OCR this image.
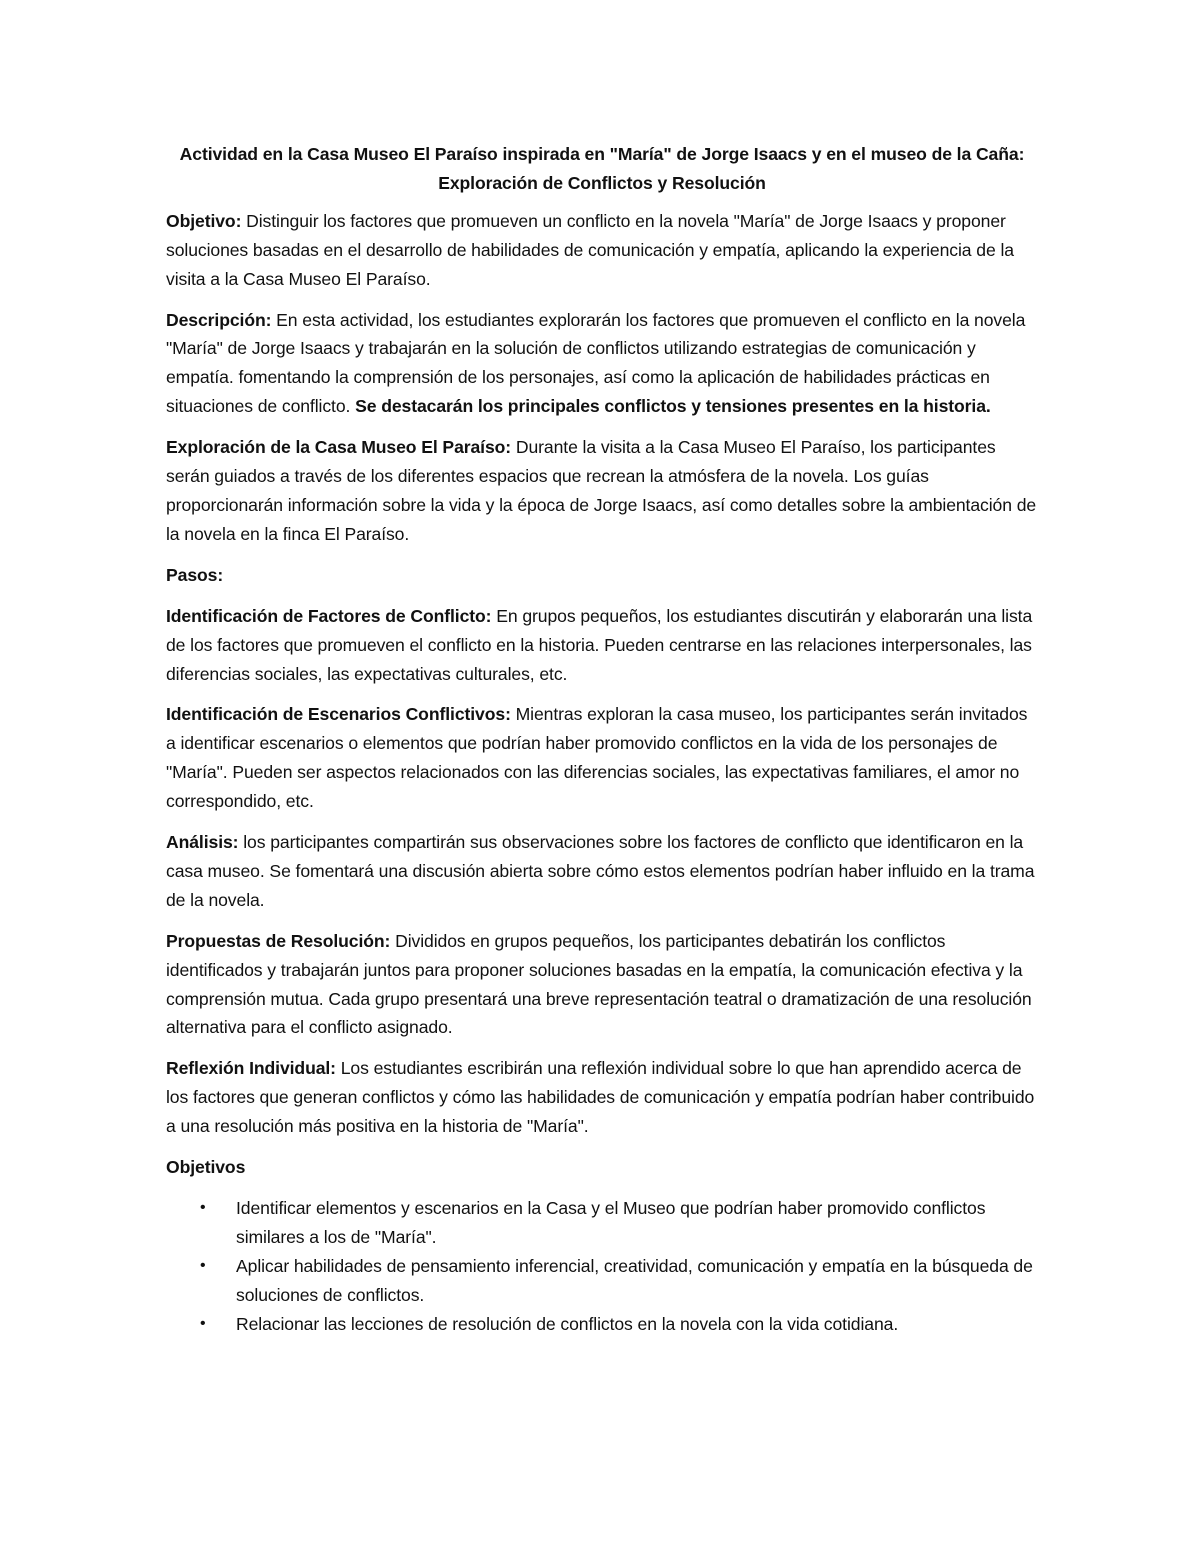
Actividad en la Casa Museo El Paraíso inspirada en "María" de Jorge Isaacs y en el museo de la Caña: Exploración de Conflictos y Resolución

Objetivo: Distinguir los factores que promueven un conflicto en la novela "María" de Jorge Isaacs y proponer soluciones basadas en el desarrollo de habilidades de comunicación y empatía, aplicando la experiencia de la visita a la Casa Museo El Paraíso.

Descripción: En esta actividad, los estudiantes explorarán los factores que promueven el conflicto en la novela "María" de Jorge Isaacs y trabajarán en la solución de conflictos utilizando estrategias de comunicación y empatía. fomentando la comprensión de los personajes, así como la aplicación de habilidades prácticas en situaciones de conflicto. Se destacarán los principales conflictos y tensiones presentes en la historia.

Exploración de la Casa Museo El Paraíso: Durante la visita a la Casa Museo El Paraíso, los participantes serán guiados a través de los diferentes espacios que recrean la atmósfera de la novela. Los guías proporcionarán información sobre la vida y la época de Jorge Isaacs, así como detalles sobre la ambientación de la novela en la finca El Paraíso.

Pasos:

Identificación de Factores de Conflicto: En grupos pequeños, los estudiantes discutirán y elaborarán una lista de los factores que promueven el conflicto en la historia. Pueden centrarse en las relaciones interpersonales, las diferencias sociales, las expectativas culturales, etc.

Identificación de Escenarios Conflictivos: Mientras exploran la casa museo, los participantes serán invitados a identificar escenarios o elementos que podrían haber promovido conflictos en la vida de los personajes de "María". Pueden ser aspectos relacionados con las diferencias sociales, las expectativas familiares, el amor no correspondido, etc.

Análisis: los participantes compartirán sus observaciones sobre los factores de conflicto que identificaron en la casa museo. Se fomentará una discusión abierta sobre cómo estos elementos podrían haber influido en la trama de la novela.

Propuestas de Resolución: Divididos en grupos pequeños, los participantes debatirán los conflictos identificados y trabajarán juntos para proponer soluciones basadas en la empatía, la comunicación efectiva y la comprensión mutua. Cada grupo presentará una breve representación teatral o dramatización de una resolución alternativa para el conflicto asignado.

Reflexión Individual: Los estudiantes escribirán una reflexión individual sobre lo que han aprendido acerca de los factores que generan conflictos y cómo las habilidades de comunicación y empatía podrían haber contribuido a una resolución más positiva en la historia de "María".

Objetivos

• Identificar elementos y escenarios en la Casa y el Museo que podrían haber promovido conflictos similares a los de "María".
• Aplicar habilidades de pensamiento inferencial, creatividad, comunicación y empatía en la búsqueda de soluciones de conflictos.
• Relacionar las lecciones de resolución de conflictos en la novela con la vida cotidiana.
